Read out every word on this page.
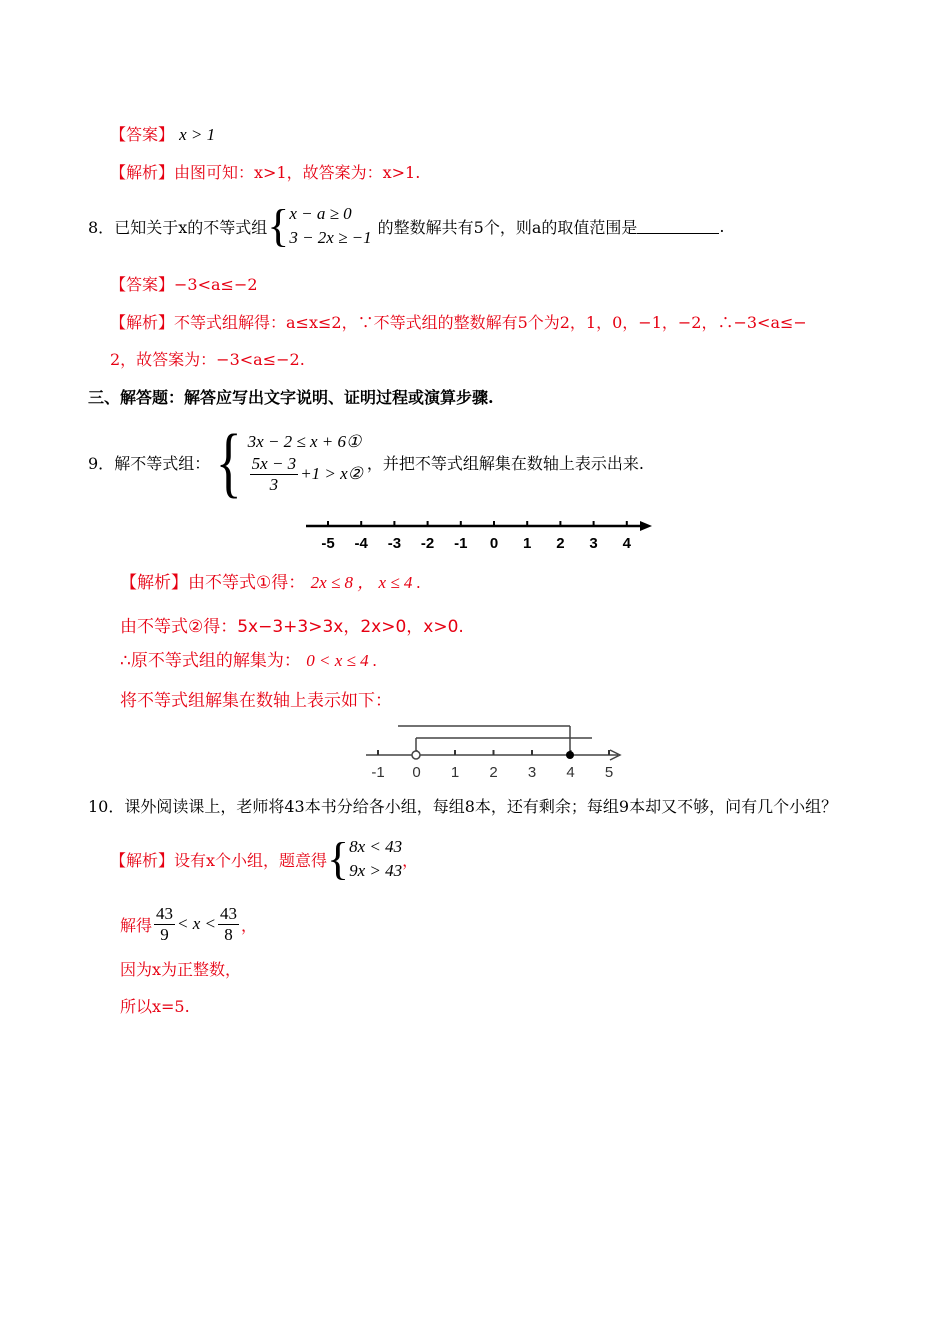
【答案】 x > 1
【解析】由图可知：x>1，故答案为：x>1.
8． 已知关于x的不等式组 { x − a ≥ 0
3 − 2x ≥ −1
的整数解共有5个，则a的取值范围是	.
【答案】−3<a≤−2
【解析】不等式组解得：a≤x≤2，∵不等式组的整数解有5个为2，1，0，−1，−2，∴−3<a≤−
2，故答案为：−3<a≤−2.
三、解答题：解答应写出文字说明、证明过程或演算步骤.
9． 解不等式组： { 3x − 2 ≤ x + 6①
$\frac{5x - 3}{3} +1$ > x②
，并把不等式组解集在数轴上表示出来.
-5 -4 -3 -2 -1 0 1 2 3 4
【解析】由不等式①得： 2x ≤ 8 ， x ≤ 4 .
由不等式②得：5x−3+3>3x，2x>0，x>0.
∴原不等式组的解集为： 0 < x ≤ 4 .
将不等式组解集在数轴上表示如下：
-1 0 1 2 3 4 5
10．课外阅读课上，老师将43本书分给各小组，每组8本，还有剩余；每组9本却又不够，问有几个小组？
【解析】 设有x个小组，题意得 { 8x < 43
9x > 43
，
解得 $\frac{43}{9} < x < \frac{43}{8}$ ，
因为x为正整数，
所以x=5.
